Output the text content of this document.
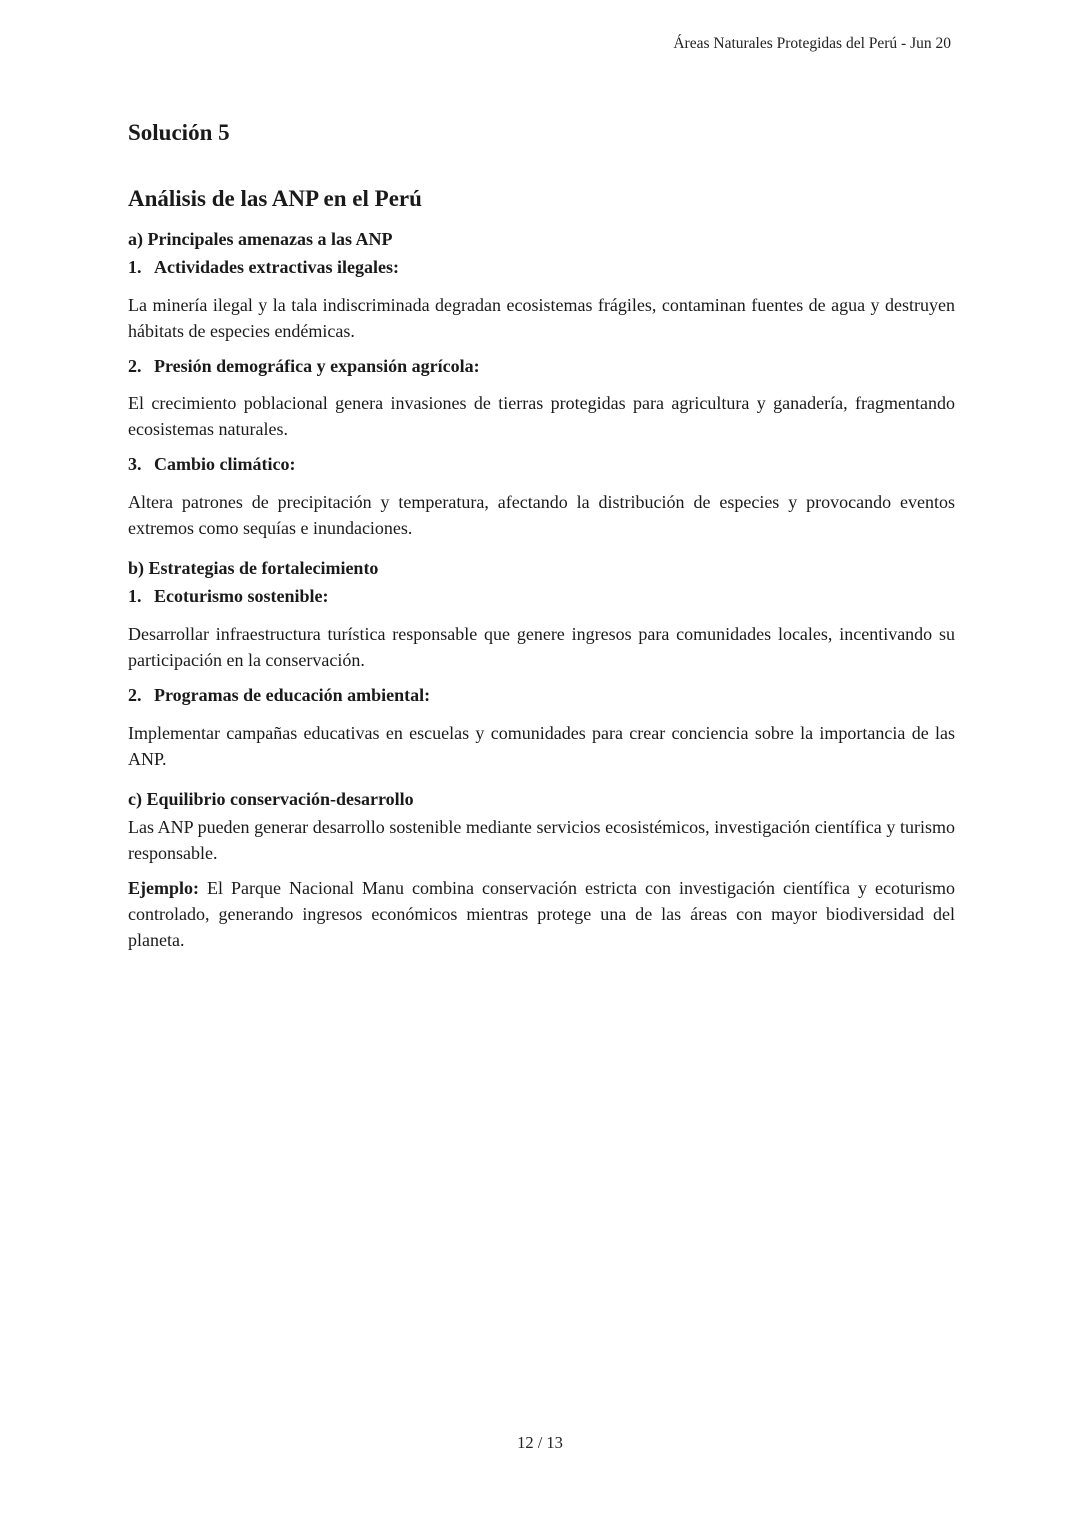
Áreas Naturales Protegidas del Perú - Jun 20
Solución 5
Análisis de las ANP en el Perú
a) Principales amenazas a las ANP
1. Actividades extractivas ilegales:

La minería ilegal y la tala indiscriminada degradan ecosistemas frágiles, contaminan fuentes de agua y destruyen hábitats de especies endémicas.

2. Presión demográfica y expansión agrícola:

El crecimiento poblacional genera invasiones de tierras protegidas para agricultura y ganadería, fragmentando ecosistemas naturales.

3. Cambio climático:

Altera patrones de precipitación y temperatura, afectando la distribución de especies y provocando eventos extremos como sequías e inundaciones.

b) Estrategias de fortalecimiento
1. Ecoturismo sostenible:

Desarrollar infraestructura turística responsable que genere ingresos para comunidades locales, incentivando su participación en la conservación.

2. Programas de educación ambiental:

Implementar campañas educativas en escuelas y comunidades para crear conciencia sobre la importancia de las ANP.

c) Equilibrio conservación-desarrollo

Las ANP pueden generar desarrollo sostenible mediante servicios ecosistémicos, investigación científica y turismo responsable.

Ejemplo: El Parque Nacional Manu combina conservación estricta con investigación científica y ecoturismo controlado, generando ingresos económicos mientras protege una de las áreas con mayor biodiversidad del planeta.

12 / 13
